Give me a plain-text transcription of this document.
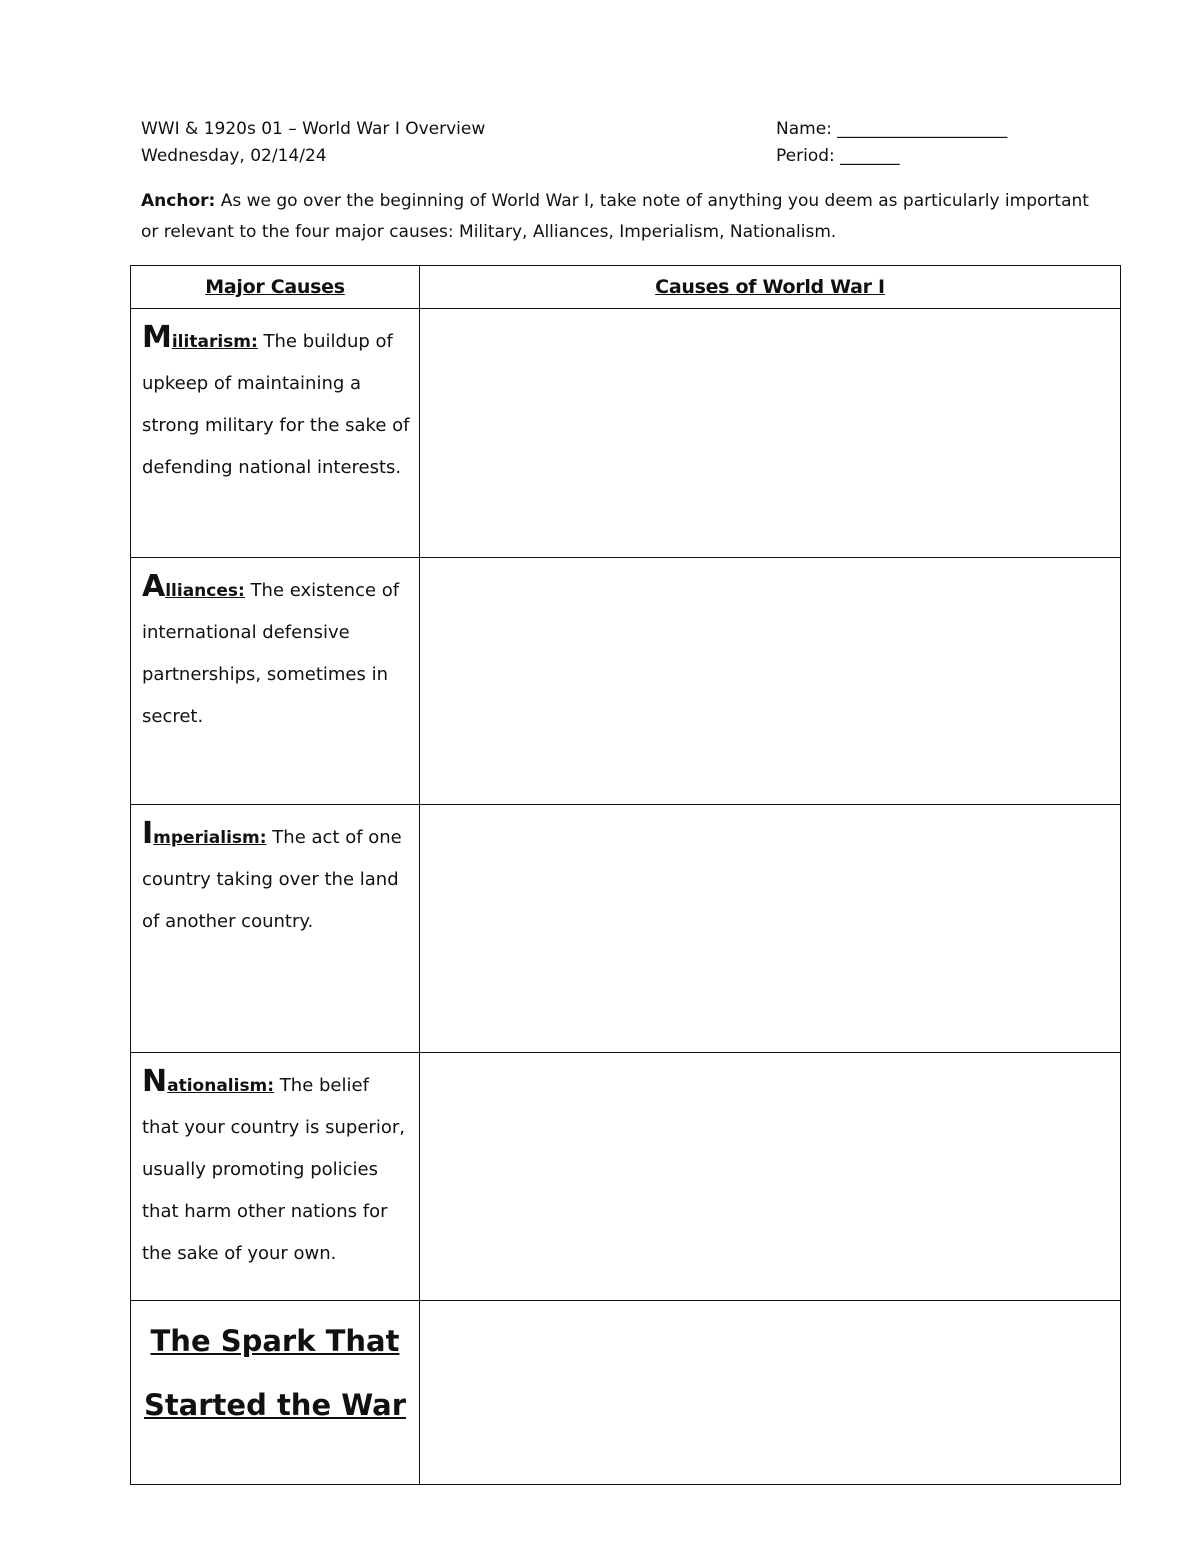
WWI & 1920s 01 – World War I Overview
Wednesday, 02/14/24
Name: ____________________
Period: _______
Anchor: As we go over the beginning of World War I, take note of anything you deem as particularly important or relevant to the four major causes: Military, Alliances, Imperialism, Nationalism.
Major Causes	Causes of World War I
Militarism: The buildup of upkeep of maintaining a strong military for the sake of defending national interests.	
Alliances: The existence of international defensive partnerships, sometimes in secret.	
Imperialism: The act of one country taking over the land of another country.	
Nationalism: The belief that your country is superior, usually promoting policies that harm other nations for the sake of your own.	

The Spark That
Started the War	
